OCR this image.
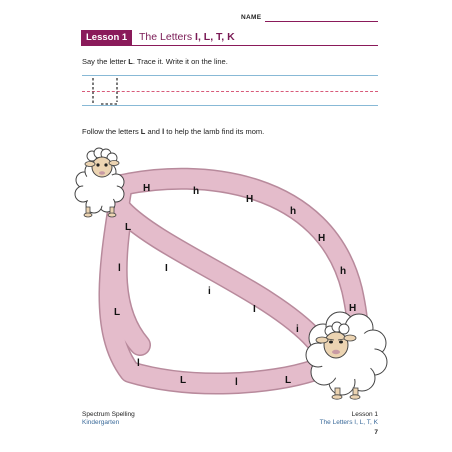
NAME
Lesson 1	The Letters I, L, T, K
Say the letter L. Trace it. Write it on the line.
Follow the letters L and l to help the lamb find its mom.
H	h
H
h
H
h
H
L
l
L
l
L	l	L
I
i
I
i
Spectrum Spelling
Kindergarten
Lesson 1
The Letters I, L, T, K
7
